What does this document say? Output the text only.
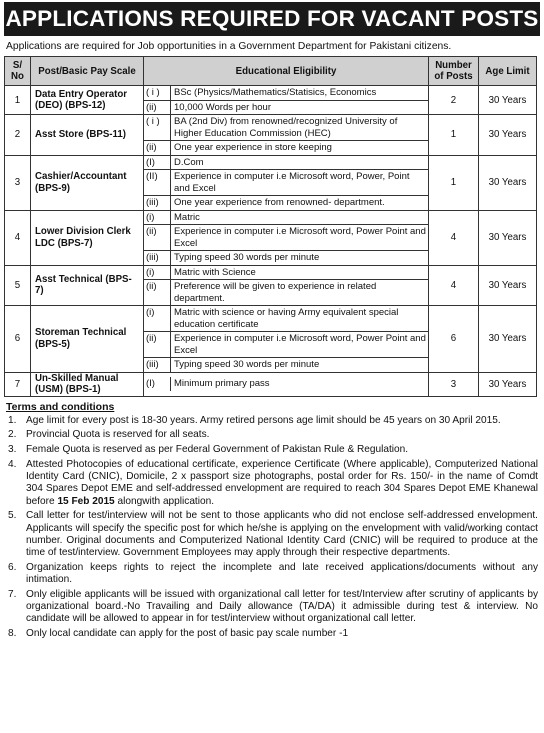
APPLICATIONS REQUIRED FOR VACANT POSTS
Applications are required for Job opportunities in a Government Department for Pakistani citizens.
S/ No	Post/Basic Pay Scale	Educational Eligibility	Number of Posts	Age Limit
1	Data Entry Operator (DEO) (BPS-12)	
( i )	BSc (Physics/Mathematics/Statisics, Economics
(ii)	10,000 Words per hour
	2	30 Years
2	Asst Store (BPS-11)	
( i )	BA (2nd Div) from renowned/recognized University of Higher Education Commission (HEC)
(ii)	One year experience in store keeping
	1	30 Years
3	Cashier/Accountant (BPS-9)	
(I)	D.Com
(II)	Experience in computer i.e Microsoft word, Power, Point and Excel
(iii)	One year experience from renowned- department.
	1	30 Years
4	Lower Division Clerk LDC (BPS-7)	
(i)	Matric
(ii)	Experience in computer i.e Microsoft word, Power Point and Excel
(iii)	Typing speed 30 words per minute
	4	30 Years
5	Asst Technical (BPS-7)	
(i)	Matric with Science
(ii)	Preference will be given to experience in related department.
	4	30 Years
6	Storeman Technical (BPS-5)	
(i)	Matric with science or having Army equivalent special education certificate
(ii)	Experience in computer i.e Microsoft word, Power Point and Excel
(iii)	Typing speed 30 words per minute
	6	30 Years
7	Un-Skilled Manual (USM) (BPS-1)	
(I)	Minimum primary pass
		3	30 Years
Terms and conditions
1. Age limit for every post is 18-30 years. Army retired persons age limit should be 45 years on 30 April 2015.
2. Provincial Quota is reserved for all seats.
3. Female Quota is reserved as per Federal Government of Pakistan Rule & Regulation.
4. Attested Photocopies of educational certificate, experience Certificate (Where applicable), Computerized National Identity Card (CNIC), Domicile, 2 x passport size photographs, postal order for Rs. 150/- in the name of Comdt 304 Spares Depot EME and self-addressed envelopment are required to reach 304 Spares Depot EME Khanewal before 15 Feb 2015 alongwith application.
5. Call letter for test/interview will not be sent to those applicants who did not enclose self-addressed envelopment. Applicants will specify the specific post for which he/she is applying on the envelopment with valid/working contact number. Original documents and Computerized National Identity Card (CNIC) will be required to produce at the time of test/interview. Government Employees may apply through their respective departments.
6. Organization keeps rights to reject the incomplete and late received applications/documents without any intimation.
7. Only eligible applicants will be issued with organizational call letter for test/Interview after scrutiny of applicants by organizational board.-No Travailing and Daily allowance (TA/DA) it admissible during test & interview. No candidate will be allowed to appear in for test/interview without organizational call letter.
8. Only local candidate can apply for the post of basic pay scale number -1
